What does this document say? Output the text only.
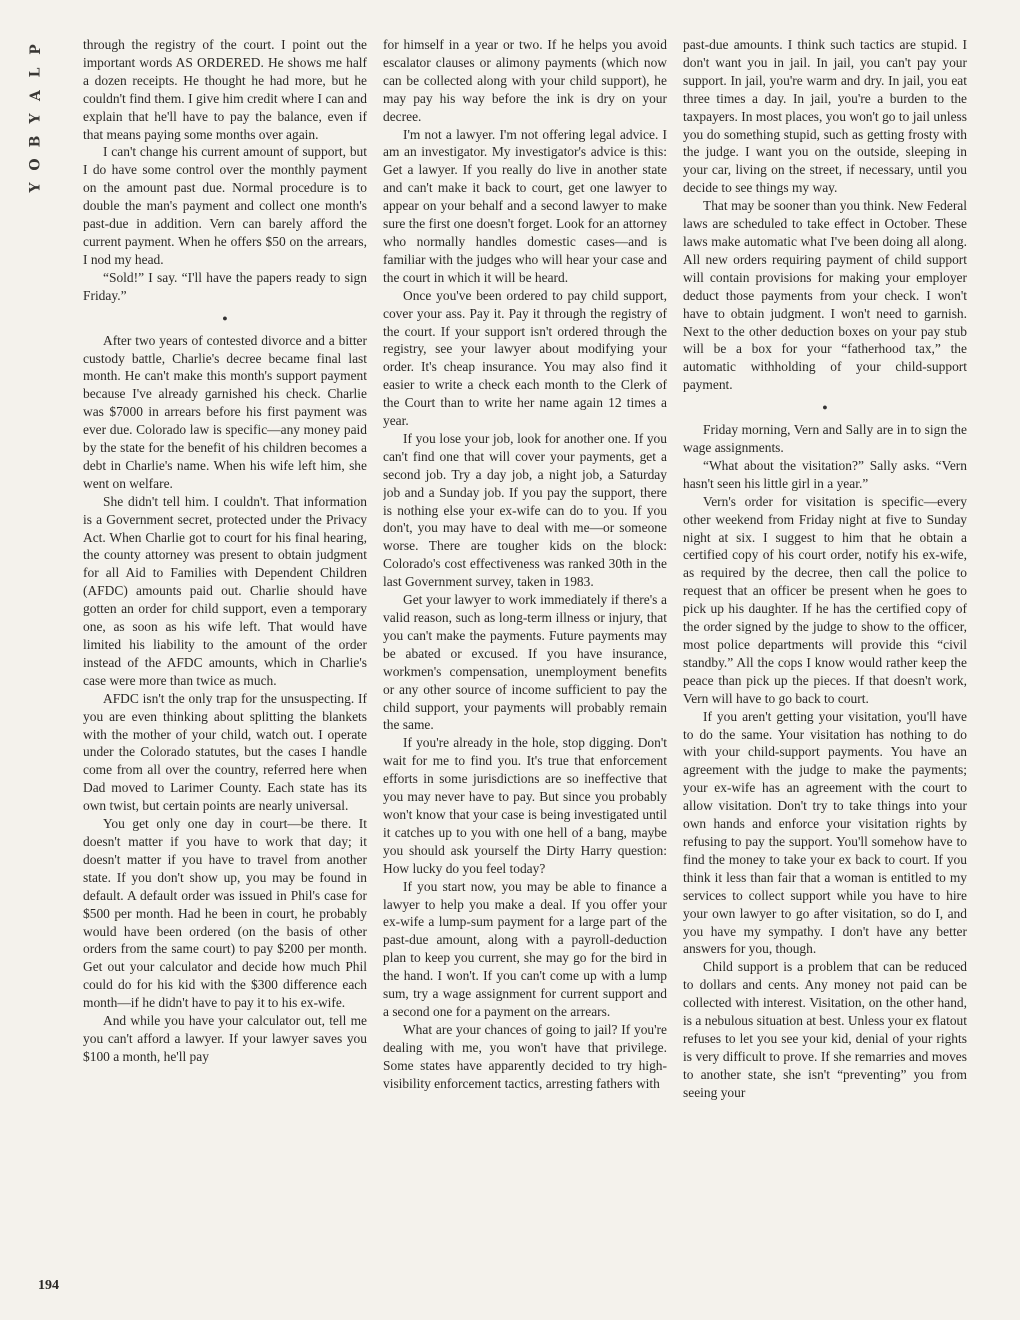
P
L
A
Y
B
O
Y

through the registry of the court. I point out the important words AS ORDERED. He shows me half a dozen receipts. He thought he had more, but he couldn't find them. I give him credit where I can and explain that he'll have to pay the balance, even if that means paying some months over again.

I can't change his current amount of support, but I do have some control over the monthly payment on the amount past due. Normal procedure is to double the man's payment and collect one month's past-due in addition. Vern can barely afford the current payment. When he offers $50 on the arrears, I nod my head.

“Sold!” I say. “I'll have the papers ready to sign Friday.”

●

After two years of contested divorce and a bitter custody battle, Charlie's decree became final last month. He can't make this month's support payment because I've already garnished his check. Charlie was $7000 in arrears before his first payment was ever due. Colorado law is specific—any money paid by the state for the benefit of his children becomes a debt in Charlie's name. When his wife left him, she went on welfare.

She didn't tell him. I couldn't. That information is a Government secret, protected under the Privacy Act. When Charlie got to court for his final hearing, the county attorney was present to obtain judgment for all Aid to Families with Dependent Children (AFDC) amounts paid out. Charlie should have gotten an order for child support, even a temporary one, as soon as his wife left. That would have limited his liability to the amount of the order instead of the AFDC amounts, which in Charlie's case were more than twice as much.

AFDC isn't the only trap for the unsuspecting. If you are even thinking about splitting the blankets with the mother of your child, watch out. I operate under the Colorado statutes, but the cases I handle come from all over the country, referred here when Dad moved to Larimer County. Each state has its own twist, but certain points are nearly universal.

You get only one day in court—be there. It doesn't matter if you have to work that day; it doesn't matter if you have to travel from another state. If you don't show up, you may be found in default. A default order was issued in Phil's case for $500 per month. Had he been in court, he probably would have been ordered (on the basis of other orders from the same court) to pay $200 per month. Get out your calculator and decide how much Phil could do for his kid with the $300 difference each month—if he didn't have to pay it to his ex-wife.

And while you have your calculator out, tell me you can't afford a lawyer. If your lawyer saves you $100 a month, he'll pay

for himself in a year or two. If he helps you avoid escalator clauses or alimony payments (which now can be collected along with your child support), he may pay his way before the ink is dry on your decree.

I'm not a lawyer. I'm not offering legal advice. I am an investigator. My investigator's advice is this: Get a lawyer. If you really do live in another state and can't make it back to court, get one lawyer to appear on your behalf and a second lawyer to make sure the first one doesn't forget. Look for an attorney who normally handles domestic cases—and is familiar with the judges who will hear your case and the court in which it will be heard.

Once you've been ordered to pay child support, cover your ass. Pay it. Pay it through the registry of the court. If your support isn't ordered through the registry, see your lawyer about modifying your order. It's cheap insurance. You may also find it easier to write a check each month to the Clerk of the Court than to write her name again 12 times a year.

If you lose your job, look for another one. If you can't find one that will cover your payments, get a second job. Try a day job, a night job, a Saturday job and a Sunday job. If you pay the support, there is nothing else your ex-wife can do to you. If you don't, you may have to deal with me—or someone worse. There are tougher kids on the block: Colorado's cost effectiveness was ranked 30th in the last Government survey, taken in 1983.

Get your lawyer to work immediately if there's a valid reason, such as long-term illness or injury, that you can't make the payments. Future payments may be abated or excused. If you have insurance, workmen's compensation, unemployment benefits or any other source of income sufficient to pay the child support, your payments will probably remain the same.

If you're already in the hole, stop digging. Don't wait for me to find you. It's true that enforcement efforts in some jurisdictions are so ineffective that you may never have to pay. But since you probably won't know that your case is being investigated until it catches up to you with one hell of a bang, maybe you should ask yourself the Dirty Harry question: How lucky do you feel today?

If you start now, you may be able to finance a lawyer to help you make a deal. If you offer your ex-wife a lump-sum payment for a large part of the past-due amount, along with a payroll-deduction plan to keep you current, she may go for the bird in the hand. I won't. If you can't come up with a lump sum, try a wage assignment for current support and a second one for a payment on the arrears.

What are your chances of going to jail? If you're dealing with me, you won't have that privilege. Some states have apparently decided to try high-visibility enforcement tactics, arresting fathers with

past-due amounts. I think such tactics are stupid. I don't want you in jail. In jail, you can't pay your support. In jail, you're warm and dry. In jail, you eat three times a day. In jail, you're a burden to the taxpayers. In most places, you won't go to jail unless you do something stupid, such as getting frosty with the judge. I want you on the outside, sleeping in your car, living on the street, if necessary, until you decide to see things my way.

That may be sooner than you think. New Federal laws are scheduled to take effect in October. These laws make automatic what I've been doing all along. All new orders requiring payment of child support will contain provisions for making your employer deduct those payments from your check. I won't have to obtain judgment. I won't need to garnish. Next to the other deduction boxes on your pay stub will be a box for your “fatherhood tax,” the automatic withholding of your child-support payment.

●

Friday morning, Vern and Sally are in to sign the wage assignments.

“What about the visitation?” Sally asks. “Vern hasn't seen his little girl in a year.”

Vern's order for visitation is specific—every other weekend from Friday night at five to Sunday night at six. I suggest to him that he obtain a certified copy of his court order, notify his ex-wife, as required by the decree, then call the police to request that an officer be present when he goes to pick up his daughter. If he has the certified copy of the order signed by the judge to show to the officer, most police departments will provide this “civil standby.” All the cops I know would rather keep the peace than pick up the pieces. If that doesn't work, Vern will have to go back to court.

If you aren't getting your visitation, you'll have to do the same. Your visitation has nothing to do with your child-support payments. You have an agreement with the judge to make the payments; your ex-wife has an agreement with the court to allow visitation. Don't try to take things into your own hands and enforce your visitation rights by refusing to pay the support. You'll somehow have to find the money to take your ex back to court. If you think it less than fair that a woman is entitled to my services to collect support while you have to hire your own lawyer to go after visitation, so do I, and you have my sympathy. I don't have any better answers for you, though.

Child support is a problem that can be reduced to dollars and cents. Any money not paid can be collected with interest. Visitation, on the other hand, is a nebulous situation at best. Unless your ex flatout refuses to let you see your kid, denial of your rights is very difficult to prove. If she remarries and moves to another state, she isn't “preventing” you from seeing your

194
